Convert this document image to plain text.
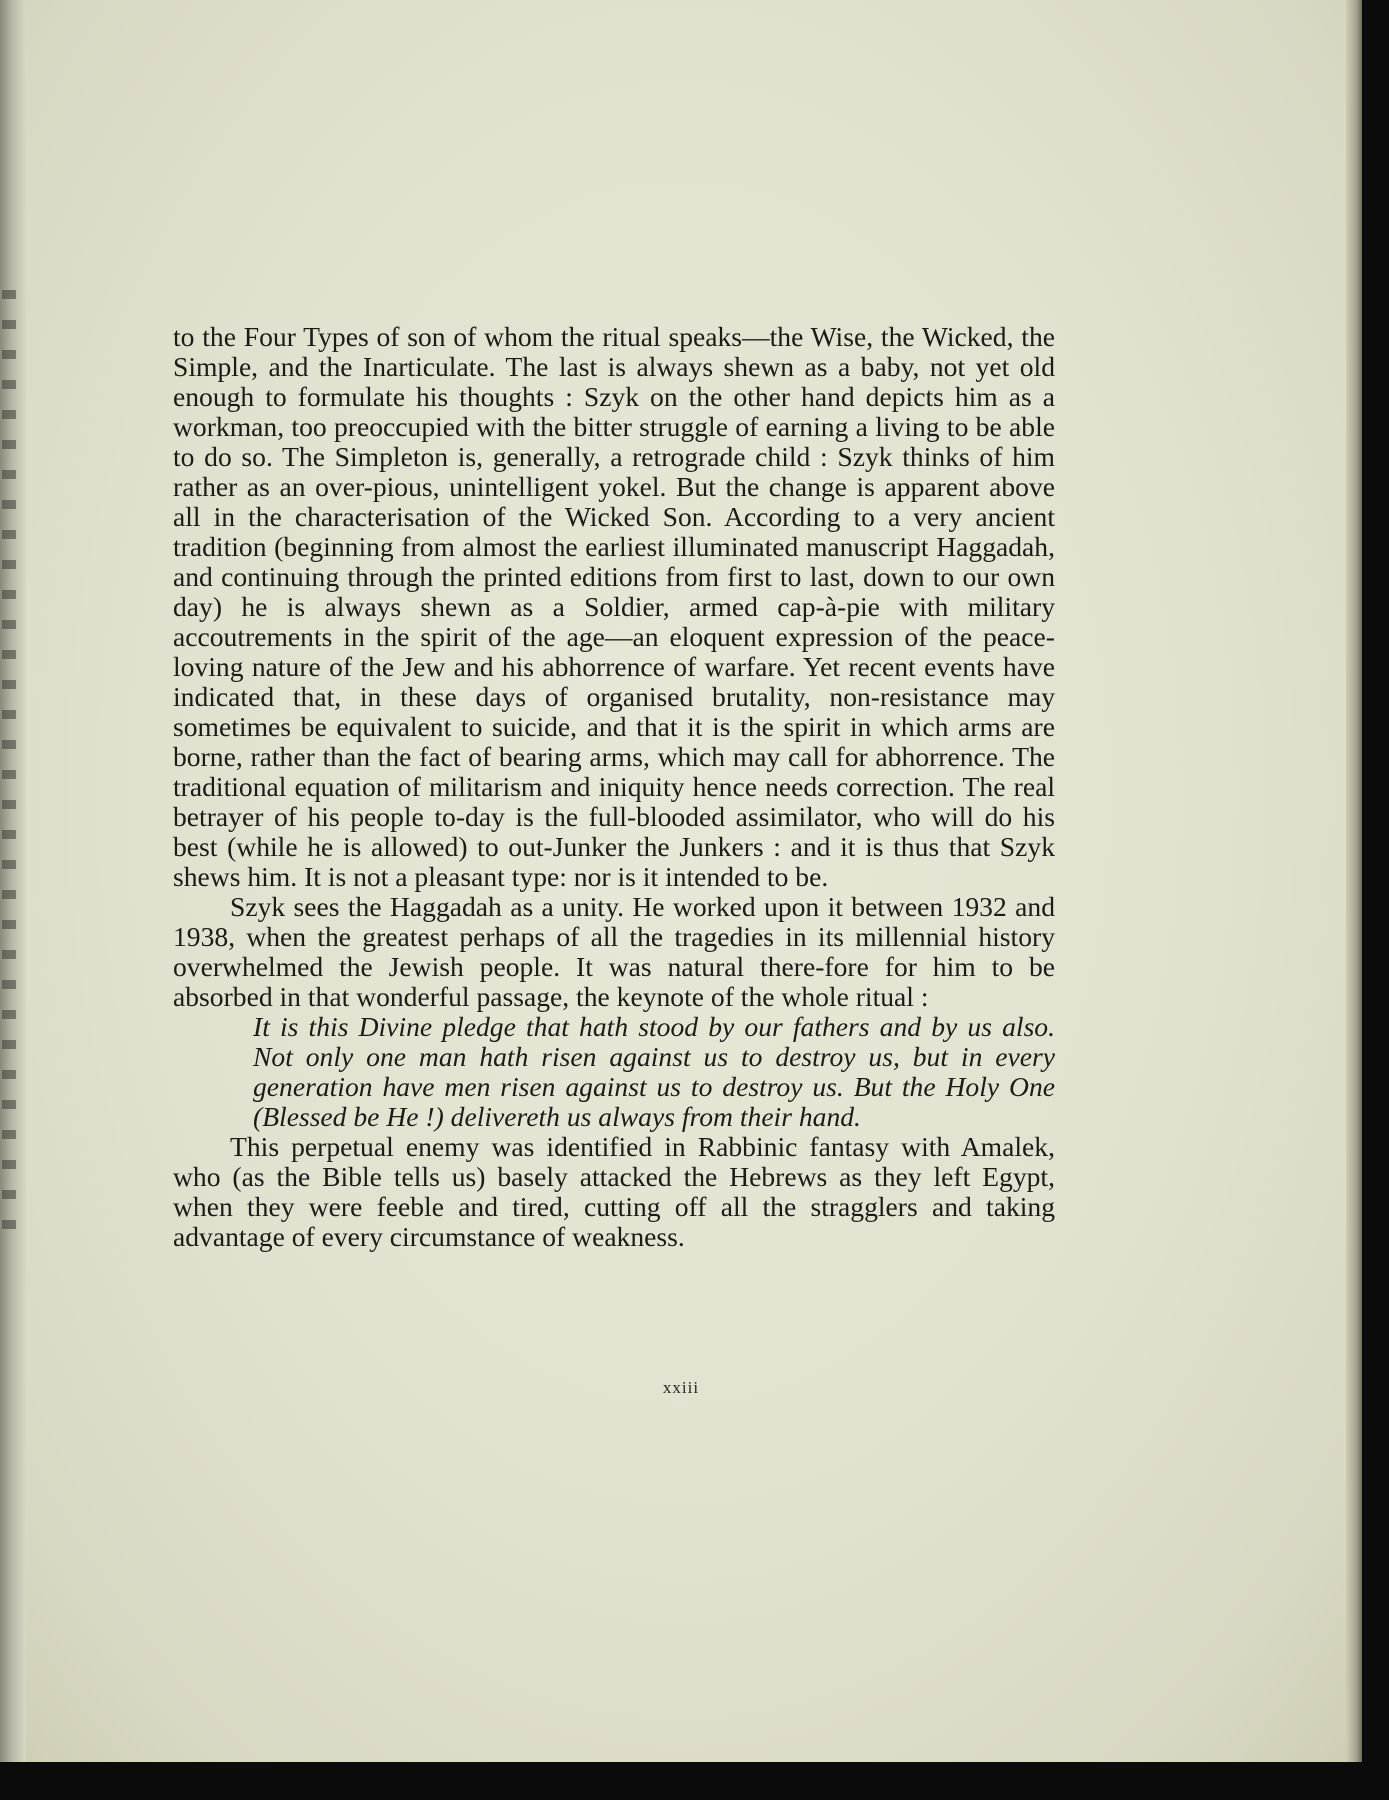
to the Four Types of son of whom the ritual speaks—the Wise, the Wicked, the Simple, and the Inarticulate. The last is always shewn as a baby, not yet old enough to formulate his thoughts : Szyk on the other hand depicts him as a workman, too preoccupied with the bitter struggle of earning a living to be able to do so. The Simpleton is, generally, a retrograde child : Szyk thinks of him rather as an over-pious, unintelligent yokel. But the change is apparent above all in the characterisation of the Wicked Son. According to a very ancient tradition (beginning from almost the earliest illuminated manuscript Haggadah, and continuing through the printed editions from first to last, down to our own day) he is always shewn as a Soldier, armed cap-à-pie with military accoutrements in the spirit of the age—an eloquent expression of the peace-loving nature of the Jew and his abhorrence of warfare. Yet recent events have indicated that, in these days of organised brutality, non-resistance may sometimes be equivalent to suicide, and that it is the spirit in which arms are borne, rather than the fact of bearing arms, which may call for abhorrence. The traditional equation of militarism and iniquity hence needs correction. The real betrayer of his people to-day is the full-blooded assimilator, who will do his best (while he is allowed) to out-Junker the Junkers : and it is thus that Szyk shews him. It is not a pleasant type: nor is it intended to be.

Szyk sees the Haggadah as a unity. He worked upon it between 1932 and 1938, when the greatest perhaps of all the tragedies in its millennial history overwhelmed the Jewish people. It was natural there-fore for him to be absorbed in that wonderful passage, the keynote of the whole ritual :

It is this Divine pledge that hath stood by our fathers and by us also. Not only one man hath risen against us to destroy us, but in every generation have men risen against us to destroy us. But the Holy One (Blessed be He !) delivereth us always from their hand.

This perpetual enemy was identified in Rabbinic fantasy with Amalek, who (as the Bible tells us) basely attacked the Hebrews as they left Egypt, when they were feeble and tired, cutting off all the stragglers and taking advantage of every circumstance of weakness.

xxiii
